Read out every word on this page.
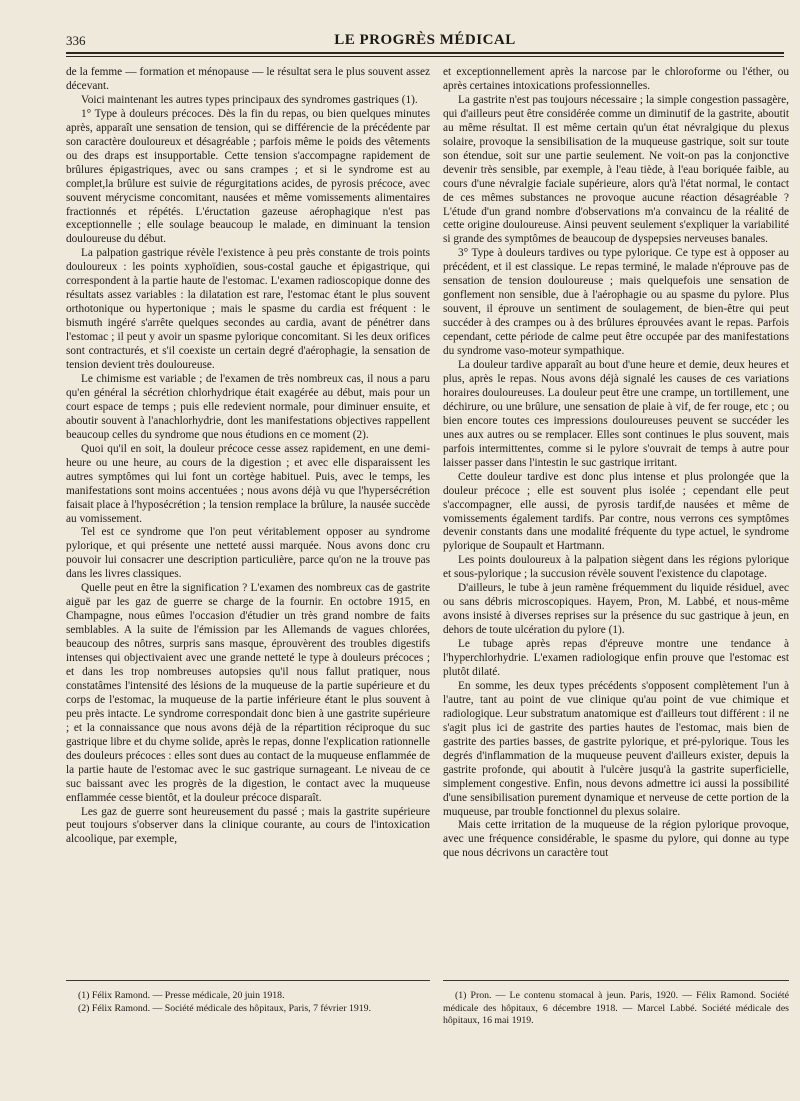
336	LE PROGRÈS MÉDICAL

de la femme — formation et ménopause — le résultat sera le plus souvent assez décevant.

Voici maintenant les autres types principaux des syndromes gastriques (1).

1° Type à douleurs précoces. Dès la fin du repas, ou bien quelques minutes après, apparaît une sensation de tension, qui se différencie de la précédente par son caractère douloureux et désagréable ; parfois même le poids des vêtements ou des draps est insupportable. Cette tension s'accompagne rapidement de brûlures épigastriques, avec ou sans crampes ; et si le syndrome est au complet,la brûlure est suivie de régurgitations acides, de pyrosis précoce, avec souvent mérycisme concomitant, nausées et même vomissements alimentaires fractionnés et répétés. L'éructation gazeuse aérophagique n'est pas exceptionnelle ; elle soulage beaucoup le malade, en diminuant la tension douloureuse du début.

La palpation gastrique révèle l'existence à peu près constante de trois points douloureux : les points xyphoïdien, sous-costal gauche et épigastrique, qui correspondent à la partie haute de l'estomac. L'examen radioscopique donne des résultats assez variables : la dilatation est rare, l'estomac étant le plus souvent orthotonique ou hypertonique ; mais le spasme du cardia est fréquent : le bismuth ingéré s'arrête quelques secondes au cardia, avant de pénétrer dans l'estomac ; il peut y avoir un spasme pylorique concomitant. Si les deux orifices sont contracturés, et s'il coexiste un certain degré d'aérophagie, la sensation de tension devient très douloureuse.

Le chimisme est variable ; de l'examen de très nombreux cas, il nous a paru qu'en général la sécrétion chlorhydrique était exagérée au début, mais pour un court espace de temps ; puis elle redevient normale, pour diminuer ensuite, et aboutir souvent à l'anachlorhydrie, dont les manifestations objectives rappellent beaucoup celles du syndrome que nous étudions en ce moment (2).

Quoi qu'il en soit, la douleur précoce cesse assez rapidement, en une demi-heure ou une heure, au cours de la digestion ; et avec elle disparaissent les autres symptômes qui lui font un cortège habituel. Puis, avec le temps, les manifestations sont moins accentuées ; nous avons déjà vu que l'hypersécrétion faisait place à l'hyposécrétion ; la tension remplace la brûlure, la nausée succède au vomissement.

Tel est ce syndrome que l'on peut véritablement opposer au syndrome pylorique, et qui présente une netteté aussi marquée. Nous avons donc cru pouvoir lui consacrer une description particulière, parce qu'on ne la trouve pas dans les livres classiques.

Quelle peut en être la signification ? L'examen des nombreux cas de gastrite aiguë par les gaz de guerre se charge de la fournir. En octobre 1915, en Champagne, nous eûmes l'occasion d'étudier un très grand nombre de faits semblables. A la suite de l'émission par les Allemands de vagues chlorées, beaucoup des nôtres, surpris sans masque, éprouvèrent des troubles digestifs intenses qui objectivaient avec une grande netteté le type à douleurs précoces ; et dans les trop nombreuses autopsies qu'il nous fallut pratiquer, nous constatâmes l'intensité des lésions de la muqueuse de la partie supérieure et du corps de l'estomac, la muqueuse de la partie inférieure étant le plus souvent à peu près intacte. Le syndrome correspondait donc bien à une gastrite supérieure ; et la connaissance que nous avons déjà de la répartition réciproque du suc gastrique libre et du chyme solide, après le repas, donne l'explication rationnelle des douleurs précoces : elles sont dues au contact de la muqueuse enflammée de la partie haute de l'estomac avec le suc gastrique surnageant. Le niveau de ce suc baissant avec les progrès de la digestion, le contact avec la muqueuse enflammée cesse bientôt, et la douleur précoce disparaît.

Les gaz de guerre sont heureusement du passé ; mais la gastrite supérieure peut toujours s'observer dans la clinique courante, au cours de l'intoxication alcoolique, par exemple,

et exceptionnellement après la narcose par le chloroforme ou l'éther, ou après certaines intoxications professionnelles.

La gastrite n'est pas toujours nécessaire ; la simple congestion passagère, qui d'ailleurs peut être considérée comme un diminutif de la gastrite, aboutit au même résultat. Il est même certain qu'un état névralgique du plexus solaire, provoque la sensibilisation de la muqueuse gastrique, soit sur toute son étendue, soit sur une partie seulement. Ne voit-on pas la conjonctive devenir très sensible, par exemple, à l'eau tiède, à l'eau boriquée faible, au cours d'une névralgie faciale supérieure, alors qu'à l'état normal, le contact de ces mêmes substances ne provoque aucune réaction désagréable ? L'étude d'un grand nombre d'observations m'a convaincu de la réalité de cette origine douloureuse. Ainsi peuvent seulement s'expliquer la variabilité si grande des symptômes de beaucoup de dyspepsies nerveuses banales.

3° Type à douleurs tardives ou type pylorique. Ce type est à opposer au précédent, et il est classique. Le repas terminé, le malade n'éprouve pas de sensation de tension douloureuse ; mais quelquefois une sensation de gonflement non sensible, due à l'aérophagie ou au spasme du pylore. Plus souvent, il éprouve un sentiment de soulagement, de bien-être qui peut succéder à des crampes ou à des brûlures éprouvées avant le repas. Parfois cependant, cette période de calme peut être occupée par des manifestations du syndrome vaso-moteur sympathique.

La douleur tardive apparaît au bout d'une heure et demie, deux heures et plus, après le repas. Nous avons déjà signalé les causes de ces variations horaires douloureuses. La douleur peut être une crampe, un tortillement, une déchirure, ou une brûlure, une sensation de plaie à vif, de fer rouge, etc ; ou bien encore toutes ces impressions douloureuses peuvent se succéder les unes aux autres ou se remplacer. Elles sont continues le plus souvent, mais parfois intermittentes, comme si le pylore s'ouvrait de temps à autre pour laisser passer dans l'intestin le suc gastrique irritant.

Cette douleur tardive est donc plus intense et plus prolongée que la douleur précoce ; elle est souvent plus isolée ; cependant elle peut s'accompagner, elle aussi, de pyrosis tardif,de nausées et même de vomissements également tardifs. Par contre, nous verrons ces symptômes devenir constants dans une modalité fréquente du type actuel, le syndrome pylorique de Soupault et Hartmann.

Les points douloureux à la palpation siègent dans les régions pylorique et sous-pylorique ; la succusion révèle souvent l'existence du clapotage.

D'ailleurs, le tube à jeun ramène fréquemment du liquide résiduel, avec ou sans débris microscopiques. Hayem, Pron, M. Labbé, et nous-même avons insisté à diverses reprises sur la présence du suc gastrique à jeun, en dehors de toute ulcération du pylore (1).

Le tubage après repas d'épreuve montre une tendance à l'hyperchlorhydrie. L'examen radiologique enfin prouve que l'estomac est plutôt dilaté.

En somme, les deux types précédents s'opposent complètement l'un à l'autre, tant au point de vue clinique qu'au point de vue chimique et radiologique. Leur substratum anatomique est d'ailleurs tout différent : il ne s'agit plus ici de gastrite des parties hautes de l'estomac, mais bien de gastrite des parties basses, de gastrite pylorique, et pré-pylorique. Tous les degrés d'inflammation de la muqueuse peuvent d'ailleurs exister, depuis la gastrite profonde, qui aboutit à l'ulcère jusqu'à la gastrite superficielle, simplement congestive. Enfin, nous devons admettre ici aussi la possibilité d'une sensibilisation purement dynamique et nerveuse de cette portion de la muqueuse, par trouble fonctionnel du plexus solaire.

Mais cette irritation de la muqueuse de la région pylorique provoque, avec une fréquence considérable, le spasme du pylore, qui donne au type que nous décrivons un caractère tout

(1) Félix Ramond. — Presse médicale, 20 juin 1918.

(2) Félix Ramond. — Société médicale des hôpitaux, Paris, 7 février 1919.

(1) Pron. — Le contenu stomacal à jeun. Paris, 1920. — Félix Ramond. Société médicale des hôpitaux, 6 décembre 1918. — Marcel Labbé. Société médicale des hôpitaux, 16 mai 1919.
